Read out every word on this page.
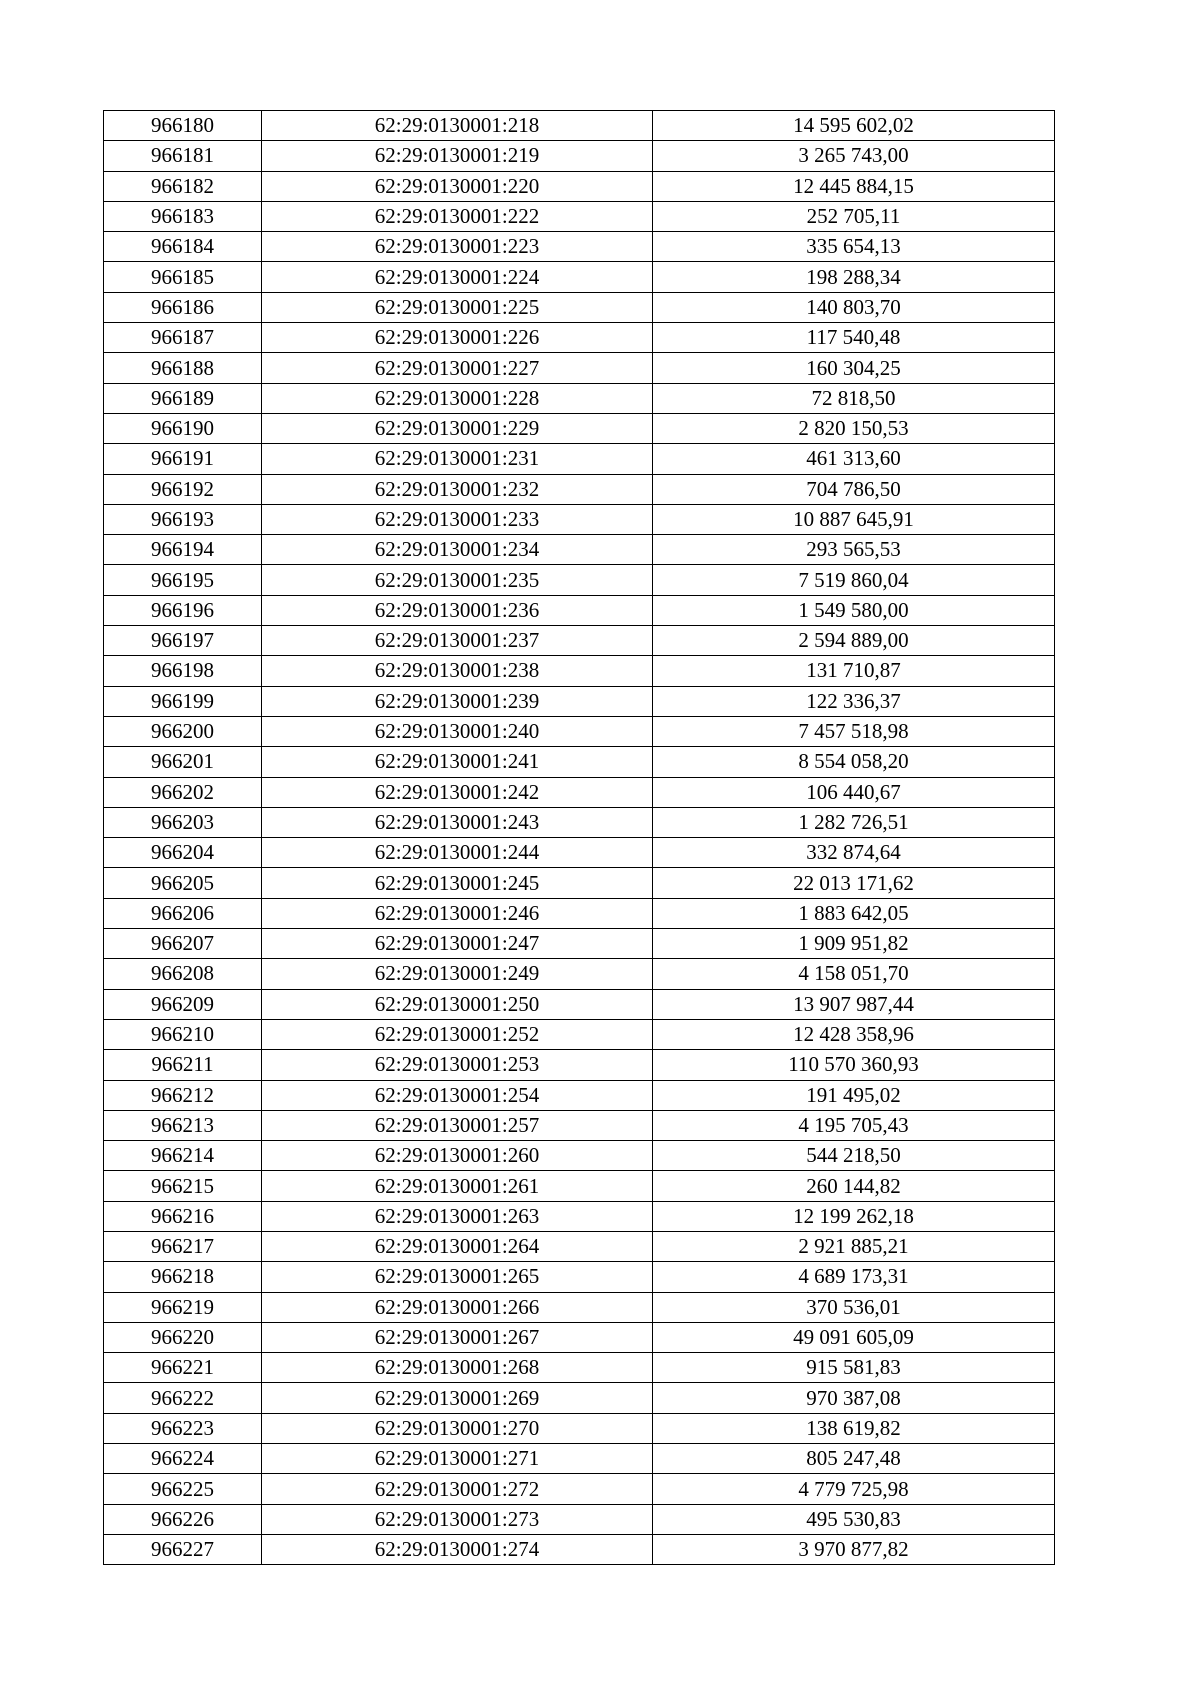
966180	62:29:0130001:218	14 595 602,02
966181	62:29:0130001:219	3 265 743,00
966182	62:29:0130001:220	12 445 884,15
966183	62:29:0130001:222	252 705,11
966184	62:29:0130001:223	335 654,13
966185	62:29:0130001:224	198 288,34
966186	62:29:0130001:225	140 803,70
966187	62:29:0130001:226	117 540,48
966188	62:29:0130001:227	160 304,25
966189	62:29:0130001:228	72 818,50
966190	62:29:0130001:229	2 820 150,53
966191	62:29:0130001:231	461 313,60
966192	62:29:0130001:232	704 786,50
966193	62:29:0130001:233	10 887 645,91
966194	62:29:0130001:234	293 565,53
966195	62:29:0130001:235	7 519 860,04
966196	62:29:0130001:236	1 549 580,00
966197	62:29:0130001:237	2 594 889,00
966198	62:29:0130001:238	131 710,87
966199	62:29:0130001:239	122 336,37
966200	62:29:0130001:240	7 457 518,98
966201	62:29:0130001:241	8 554 058,20
966202	62:29:0130001:242	106 440,67
966203	62:29:0130001:243	1 282 726,51
966204	62:29:0130001:244	332 874,64
966205	62:29:0130001:245	22 013 171,62
966206	62:29:0130001:246	1 883 642,05
966207	62:29:0130001:247	1 909 951,82
966208	62:29:0130001:249	4 158 051,70
966209	62:29:0130001:250	13 907 987,44
966210	62:29:0130001:252	12 428 358,96
966211	62:29:0130001:253	110 570 360,93
966212	62:29:0130001:254	191 495,02
966213	62:29:0130001:257	4 195 705,43
966214	62:29:0130001:260	544 218,50
966215	62:29:0130001:261	260 144,82
966216	62:29:0130001:263	12 199 262,18
966217	62:29:0130001:264	2 921 885,21
966218	62:29:0130001:265	4 689 173,31
966219	62:29:0130001:266	370 536,01
966220	62:29:0130001:267	49 091 605,09
966221	62:29:0130001:268	915 581,83
966222	62:29:0130001:269	970 387,08
966223	62:29:0130001:270	138 619,82
966224	62:29:0130001:271	805 247,48
966225	62:29:0130001:272	4 779 725,98
966226	62:29:0130001:273	495 530,83
966227	62:29:0130001:274	3 970 877,82
